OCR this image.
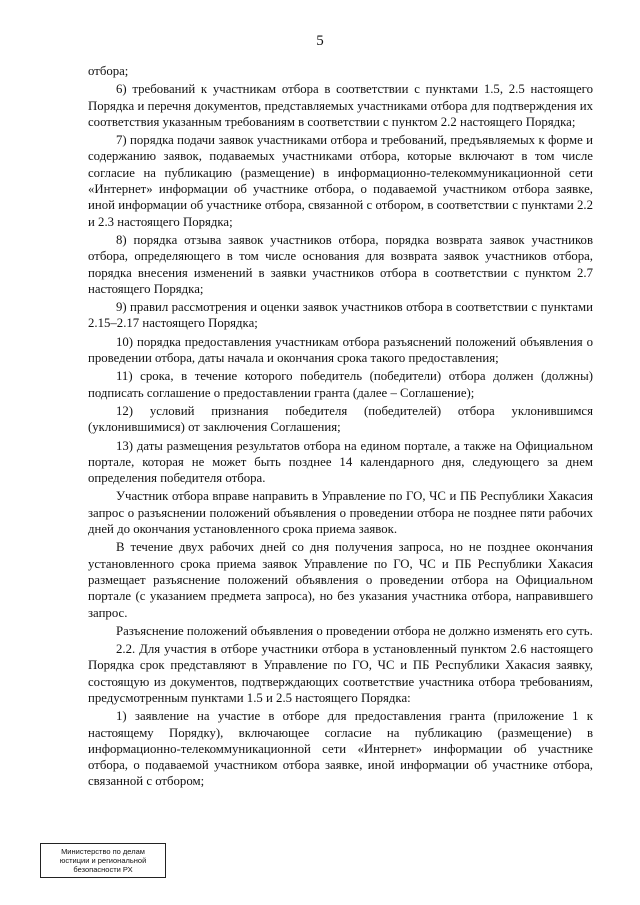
5

отбора;

6) требований к участникам отбора в соответствии с пунктами 1.5, 2.5 настоящего Порядка и перечня документов, представляемых участниками отбора для подтверждения их соответствия указанным требованиям в соответствии с пунктом 2.2 настоящего Порядка;

7) порядка подачи заявок участниками отбора и требований, предъявляемых к форме и содержанию заявок, подаваемых участниками отбора, которые включают в том числе согласие на публикацию (размещение) в информационно-телекоммуникационной сети «Интернет» информации об участнике отбора, о подаваемой участником отбора заявке, иной информации об участнике отбора, связанной с отбором, в соответствии с пунктами 2.2 и 2.3 настоящего Порядка;

8) порядка отзыва заявок участников отбора, порядка возврата заявок участников отбора, определяющего в том числе основания для возврата заявок участников отбора, порядка внесения изменений в заявки участников отбора в соответствии с пунктом 2.7 настоящего Порядка;

9) правил рассмотрения и оценки заявок участников отбора в соответствии с пунктами 2.15–2.17 настоящего Порядка;

10) порядка предоставления участникам отбора разъяснений положений объявления о проведении отбора, даты начала и окончания срока такого предоставления;

11) срока, в течение которого победитель (победители) отбора должен (должны) подписать соглашение о предоставлении гранта (далее – Соглашение);

12) условий признания победителя (победителей) отбора уклонившимся (уклонившимися) от заключения Соглашения;

13) даты размещения результатов отбора на едином портале, а также на Официальном портале, которая не может быть позднее 14 календарного дня, следующего за днем определения победителя отбора.

Участник отбора вправе направить в Управление по ГО, ЧС и ПБ Республики Хакасия запрос о разъяснении положений объявления о проведении отбора не позднее пяти рабочих дней до окончания установленного срока приема заявок.

В течение двух рабочих дней со дня получения запроса, но не позднее окончания установленного срока приема заявок Управление по ГО, ЧС и ПБ Республики Хакасия размещает разъяснение положений объявления о проведении отбора на Официальном портале (с указанием предмета запроса), но без указания участника отбора, направившего запрос.

Разъяснение положений объявления о проведении отбора не должно изменять его суть.

2.2. Для участия в отборе участники отбора в установленный пунктом 2.6 настоящего Порядка срок представляют в Управление по ГО, ЧС и ПБ Республики Хакасия заявку, состоящую из документов, подтверждающих соответствие участника отбора требованиям, предусмотренным пунктами 1.5 и 2.5 настоящего Порядка:

1) заявление на участие в отборе для предоставления гранта (приложение 1 к настоящему Порядку), включающее согласие на публикацию (размещение) в информационно-телекоммуникационной сети «Интернет» информации об участнике отбора, о подаваемой участником отбора заявке, иной информации об участнике отбора, связанной с отбором;

Министерство по делам
юстиции и региональной
безопасности РХ
